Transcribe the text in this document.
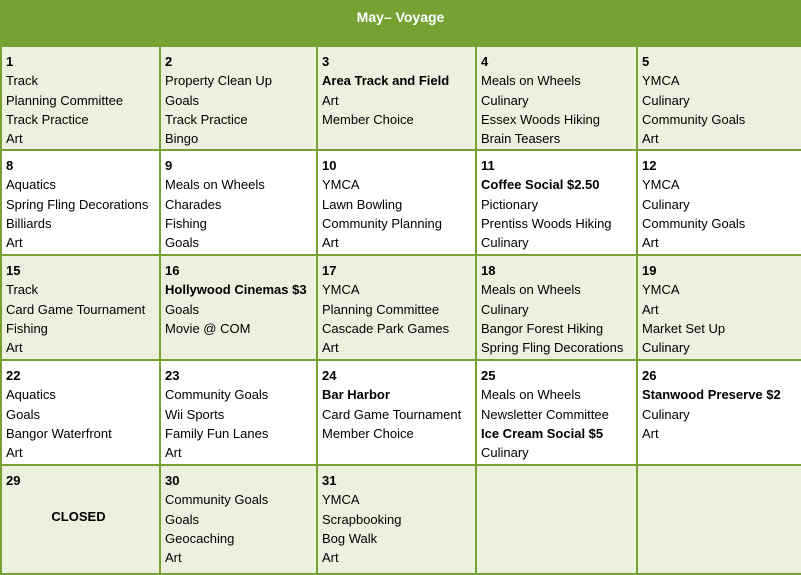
May– Voyage
1
Track
Planning Committee
Track Practice
Art	2
Property Clean Up
Goals
Track Practice
Bingo	3
Area Track and Field
Art
Member Choice	4
Meals on Wheels
Culinary
Essex Woods Hiking
Brain Teasers	5
YMCA
Culinary
Community Goals
Art

8
Aquatics
Spring Fling Decorations
Billiards
Art	9
Meals on Wheels
Charades
Fishing
Goals	10
YMCA
Lawn Bowling
Community Planning
Art	11
Coffee Social $2.50
Pictionary
Prentiss Woods Hiking
Culinary	12
YMCA
Culinary
Community Goals
Art

15
Track
Card Game Tournament
Fishing
Art	16
Hollywood Cinemas $3
Goals
Movie @ COM	17
YMCA
Planning Committee
Cascade Park Games
Art	18
Meals on Wheels
Culinary
Bangor Forest Hiking
Spring Fling Decorations	19
YMCA
Art
Market Set Up
Culinary

22
Aquatics
Goals
Bangor Waterfront
Art	23
Community Goals
Wii Sports
Family Fun Lanes
Art	24
Bar Harbor
Card Game Tournament
Member Choice	25
Meals on Wheels
Newsletter Committee
Ice Cream Social $5
Culinary	26
Stanwood Preserve $2
Culinary
Art

29
CLOSED	30
Community Goals
Goals
Geocaching
Art	31
YMCA
Scrapbooking
Bog Walk
Art		
